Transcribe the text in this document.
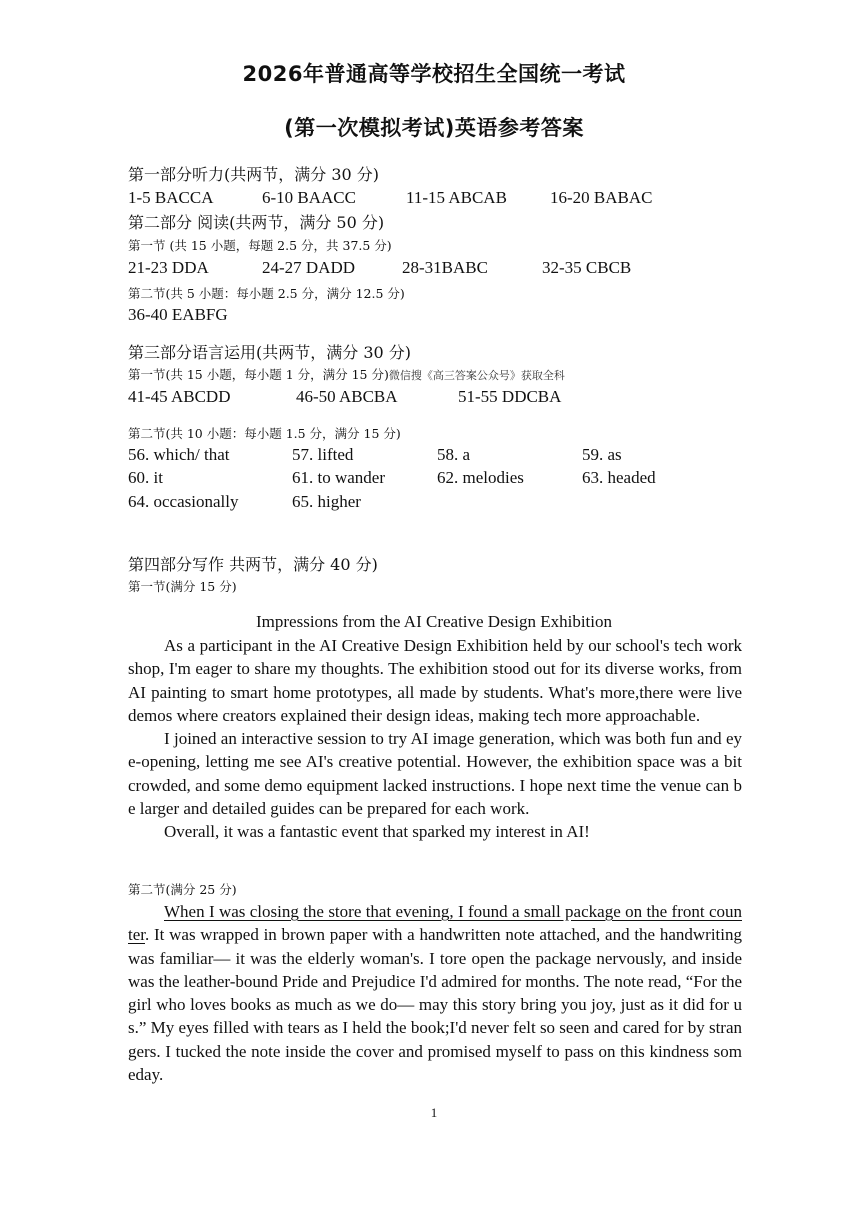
2026年普通高等学校招生全国统一考试
(第一次模拟考试)英语参考答案
第一部分听力(共两节，满分 30 分)
1-5 BACCA	6-10 BAACC	11-15 ABCAB	16-20 BABAC
第二部分 阅读(共两节，满分 50 分)
第一节 (共 15 小题，每题 2.5 分，共 37.5 分)
21-23 DDA	24-27 DADD	28-31BABC	32-35 CBCB
第二节(共 5 小题：每小题 2.5 分，满分 12.5 分)
36-40 EABFG
第三部分语言运用(共两节，满分 30 分)
第一节(共 15 小题，每小题 1 分，满分 15 分)微信搜《高三答案公众号》获取全科
41-45 ABCDD	46-50 ABCBA	51-55 DDCBA
第二节(共 10 小题：每小题 1.5 分，满分 15 分)
56. which/ that	57. lifted	58. a	59. as
60. it	61. to wander	62. melodies	63. headed
64. occasionally	65. higher
第四部分写作 共两节，满分 40 分)
第一节(满分 15 分)
Impressions from the AI Creative Design Exhibition

As a participant in the AI Creative Design Exhibition held by our school's tech workshop, I'm eager to share my thoughts. The exhibition stood out for its diverse works, from AI painting to smart home prototypes, all made by students. What's more,there were live demos where creators explained their design ideas, making tech more approachable.

I joined an interactive session to try AI image generation, which was both fun and eye-opening, letting me see AI's creative potential. However, the exhibition space was a bit crowded, and some demo equipment lacked instructions. I hope next time the venue can be larger and detailed guides can be prepared for each work.

Overall, it was a fantastic event that sparked my interest in AI!

第二节(满分 25 分)

When I was closing the store that evening, I found a small package on the front counter. It was wrapped in brown paper with a handwritten note attached, and the handwriting was familiar— it was the elderly woman's. I tore open the package nervously, and inside was the leather-bound Pride and Prejudice I'd admired for months. The note read, “For the girl who loves books as much as we do— may this story bring you joy, just as it did for us.” My eyes filled with tears as I held the book;I'd never felt so seen and cared for by strangers. I tucked the note inside the cover and promised myself to pass on this kindness someday.

1
